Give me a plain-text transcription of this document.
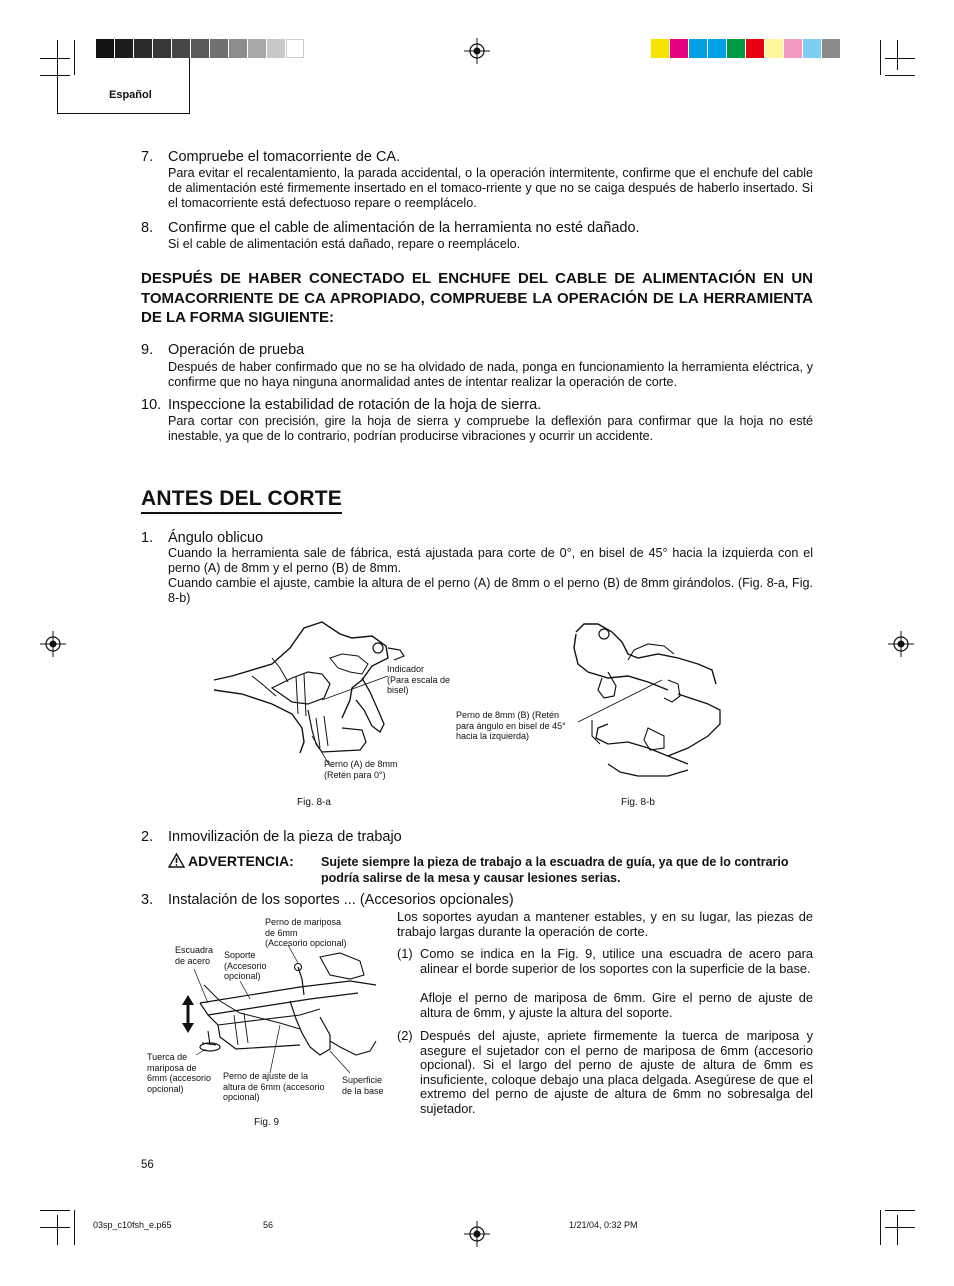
Español
7. Compruebe el tomacorriente de CA.
Para evitar el recalentamiento, la parada accidental, o la operación intermitente, confirme que el enchufe del cable de alimentación esté firmemente insertado en el tomaco-rriente y que no se caiga después de haberlo insertado. Si el tomacorriente está defectuoso repare o reemplácelo.
8. Confirme que el cable de alimentación de la herramienta no esté dañado.
Si el cable de alimentación está dañado, repare o reemplácelo.
DESPUÉS DE HABER CONECTADO EL ENCHUFE DEL CABLE DE ALIMENTACIÓN EN UN TOMACORRIENTE DE CA APROPIADO, COMPRUEBE LA OPERACIÓN DE LA HERRAMIENTA DE LA FORMA SIGUIENTE:
9. Operación de prueba
Después de haber confirmado que no se ha olvidado de nada, ponga en funcionamiento la herramienta eléctrica, y confirme que no haya ninguna anormalidad antes de intentar realizar la operación de corte.
10. Inspeccione la estabilidad de rotación de la hoja de sierra.
Para cortar con precisión, gire la hoja de sierra y compruebe la deflexión para confirmar que la hoja no esté inestable, ya que de lo contrario, podrían producirse vibraciones y ocurrir un accidente.
ANTES DEL CORTE
1. Ángulo oblicuo
Cuando la herramienta sale de fábrica, está ajustada para corte de 0°, en bisel de 45° hacia la izquierda con el perno (A) de 8mm y el perno (B) de 8mm.
Cuando cambie el ajuste, cambie la altura de el perno (A) de 8mm o el perno (B) de 8mm girándolos. (Fig. 8-a, Fig. 8-b)
Indicador
(Para escala de
bisel)
Perno (A) de 8mm
(Retén para 0°)
Fig. 8-a
Perno de 8mm (B) (Retén
para ángulo en bisel de 45°
hacia la izquierda)
Fig. 8-b
2. Inmovilización de la pieza de trabajo
ADVERTENCIA: Sujete siempre la pieza de trabajo a la escuadra de guía, ya que de lo contrario podría salirse de la mesa y causar lesiones serias.
3. Instalación de los soportes ... (Accesorios opcionales)
Perno de mariposa
de 6mm
(Accesorio opcional)
Escuadra
de acero
Soporte
(Accesorio
opcional)
Tuerca de
mariposa de
6mm (accesorio
opcional)
Perno de ajuste de la
altura de 6mm (accesorio
opcional)
Superficie
de la base
Fig. 9
Los soportes ayudan a mantener estables, y en su lugar, las piezas de trabajo largas durante la operación de corte.
(1) Como se indica en la Fig. 9, utilice una escuadra de acero para alinear el borde superior de los soportes con la superficie de la base.
Afloje el perno de mariposa de 6mm. Gire el perno de ajuste de altura de 6mm, y ajuste la altura del soporte.
(2) Después del ajuste, apriete firmemente la tuerca de mariposa y asegure el sujetador con el perno de mariposa de 6mm (accesorio opcional). Si el largo del perno de ajuste de altura de 6mm es insuficiente, coloque debajo una placa delgada. Asegúrese de que el extremo del perno de ajuste de altura de 6mm no sobresalga del sujetador.
56
03sp_c10fsh_e.p65	56	1/21/04, 0:32 PM
